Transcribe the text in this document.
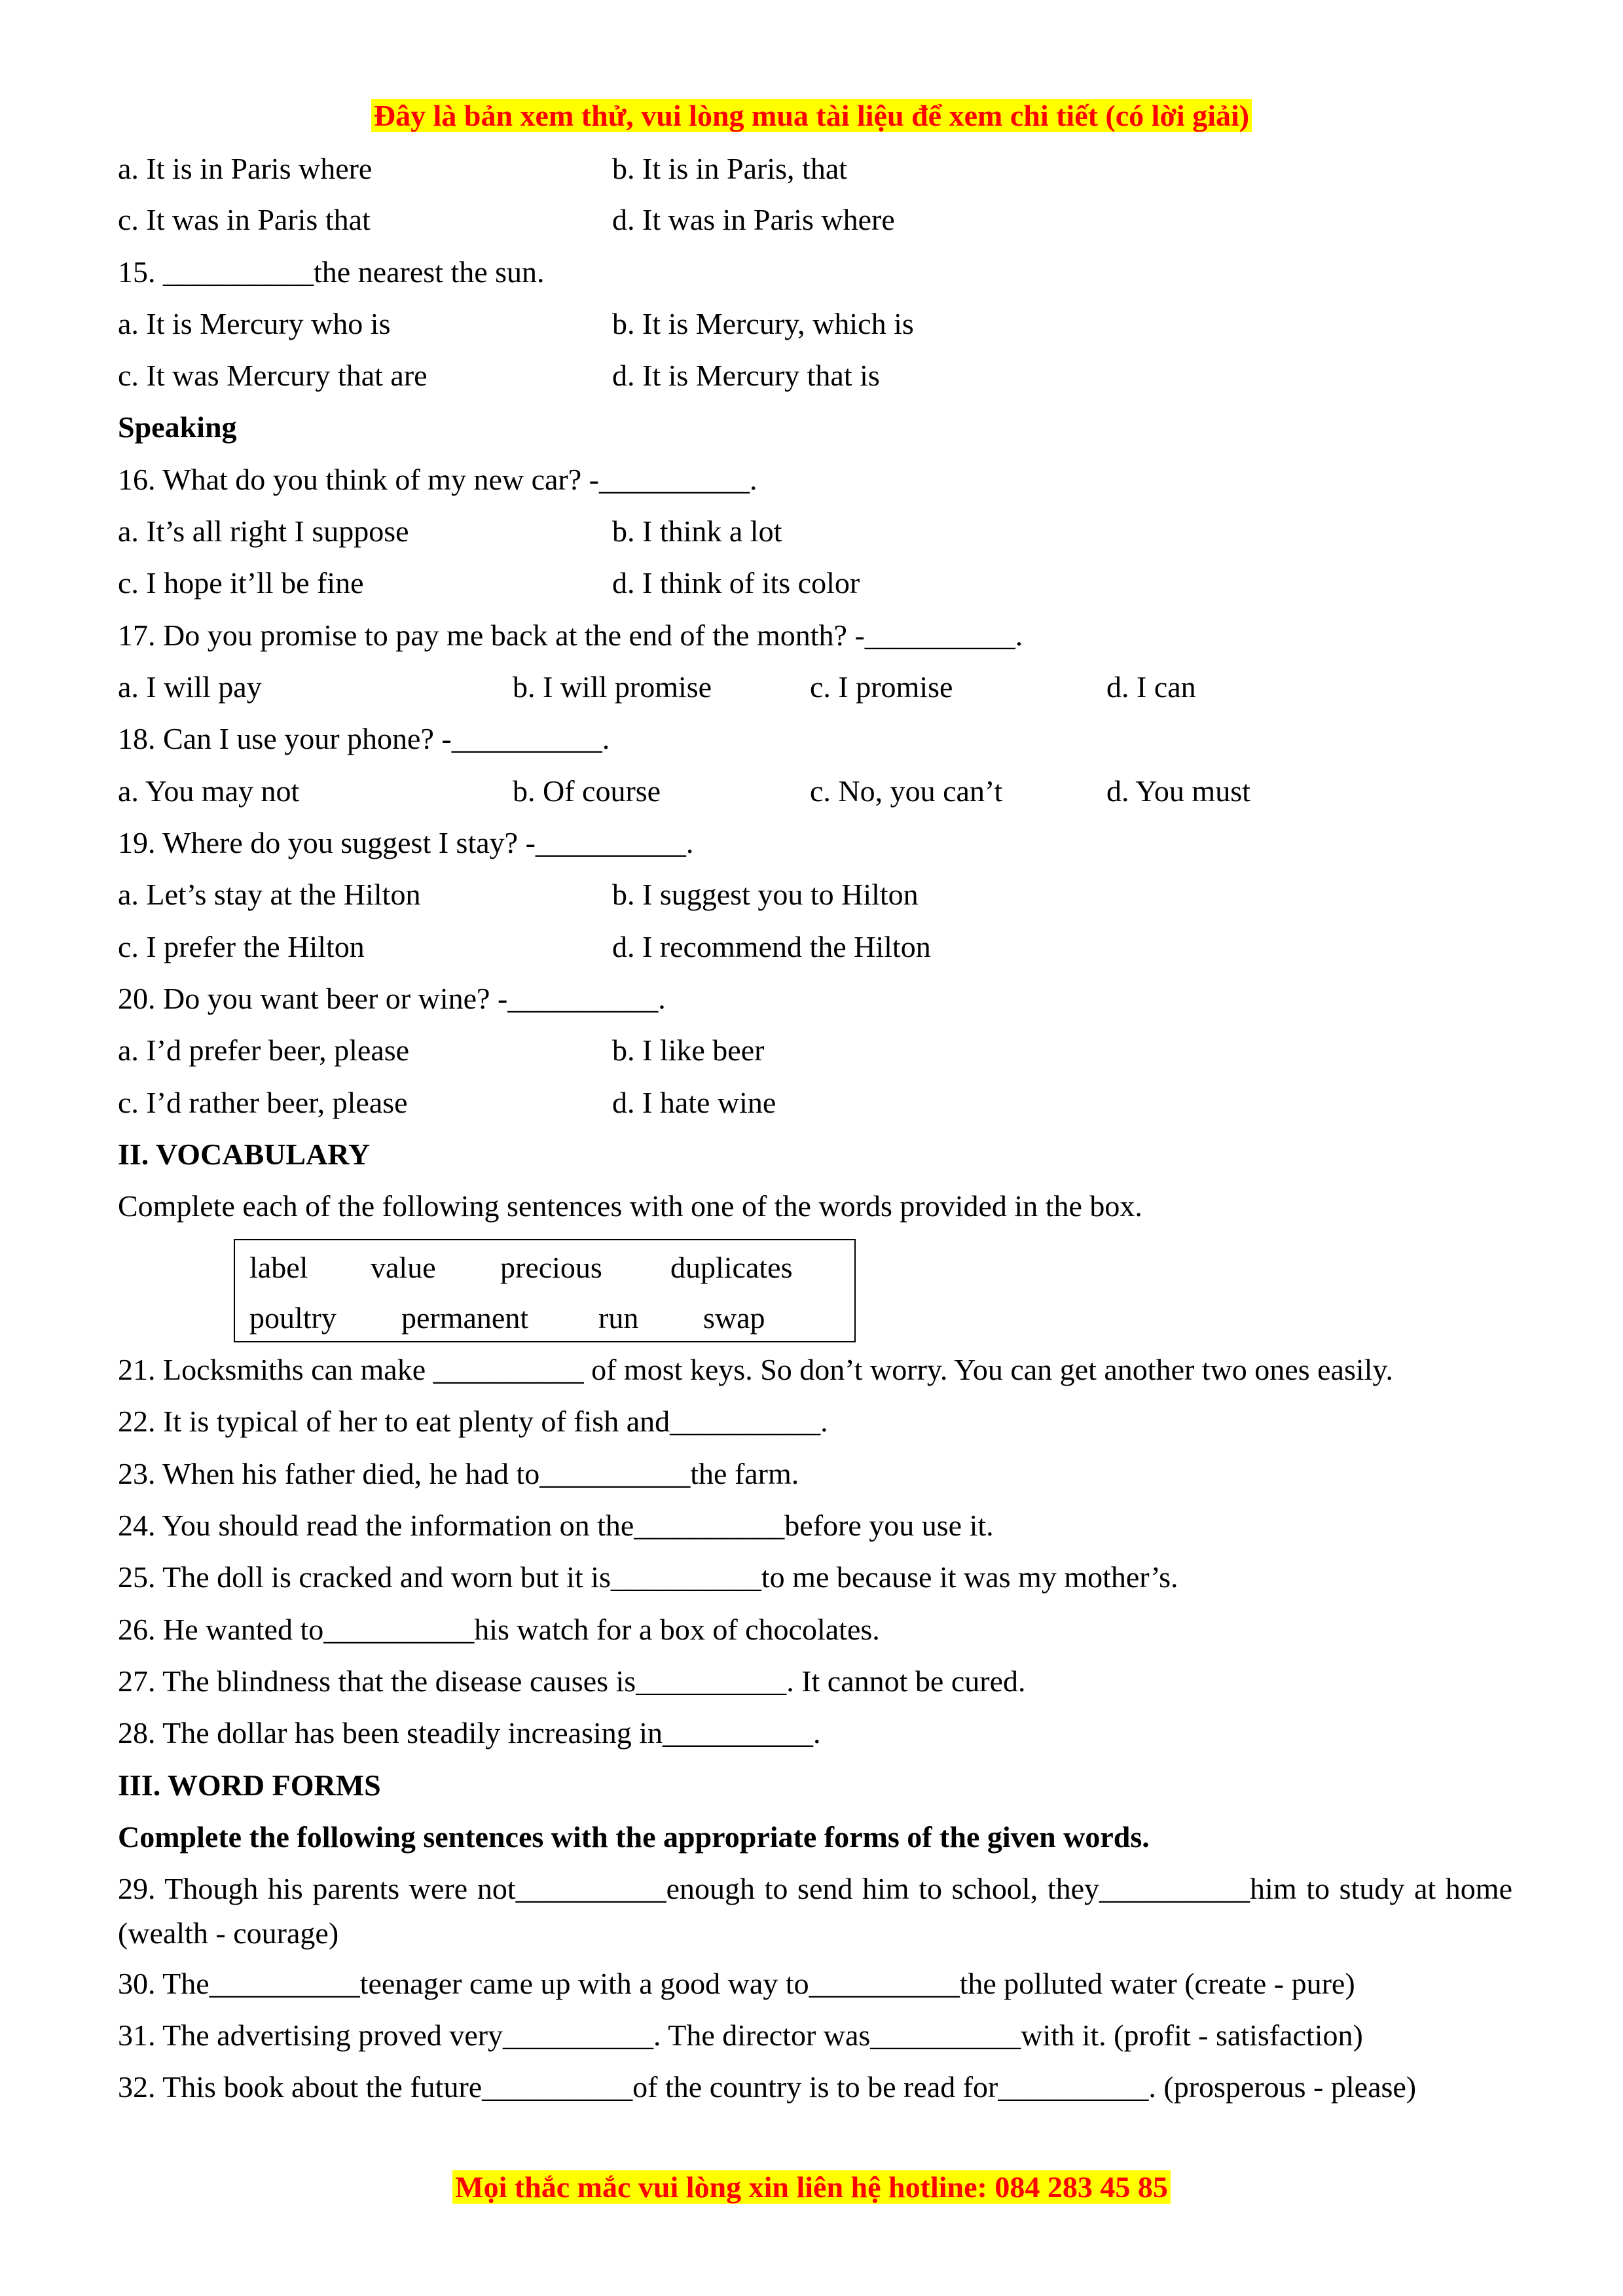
Đây là bản xem thử, vui lòng mua tài liệu để xem chi tiết (có lời giải)
a. It is in Paris where	b. It is in Paris, that
c. It was in Paris that	d. It was in Paris where
15. __________the nearest the sun.
a. It is Mercury who is	b. It is Mercury, which is
c. It was Mercury that are	d. It is Mercury that is
Speaking
16. What do you think of my new car? -__________.
a. It’s all right I suppose	b. I think a lot
c. I hope it’ll be fine	d. I think of its color
17. Do you promise to pay me back at the end of the month? -__________.
a. I will pay	b. I will promise	c. I promise	d. I can
18. Can I use your phone? -__________.
a. You may not	b. Of course	c. No, you can’t	d. You must
19. Where do you suggest I stay? -__________.
a. Let’s stay at the Hilton	b. I suggest you to Hilton
c. I prefer the Hilton	d. I recommend the Hilton
20. Do you want beer or wine? -__________.
a. I’d prefer beer, please	b. I like beer
c. I’d rather beer, please	d. I hate wine
II. VOCABULARY
Complete each of the following sentences with one of the words provided in the box.
label value precious duplicates
poultry permanent run swap
21. Locksmiths can make __________ of most keys. So don’t worry. You can get another two ones easily.
22. It is typical of her to eat plenty of fish and__________.
23. When his father died, he had to__________the farm.
24. You should read the information on the__________before you use it.
25. The doll is cracked and worn but it is__________to me because it was my mother’s.
26. He wanted to__________his watch for a box of chocolates.
27. The blindness that the disease causes is__________. It cannot be cured.
28. The dollar has been steadily increasing in__________.
III. WORD FORMS
Complete the following sentences with the appropriate forms of the given words.
29. Though his parents were not__________enough to send him to school, they__________him to study at home (wealth - courage)
30. The__________teenager came up with a good way to__________the polluted water (create - pure)
31. The advertising proved very__________. The director was__________with it. (profit - satisfaction)
32. This book about the future__________of the country is to be read for__________. (prosperous - please)
Mọi thắc mắc vui lòng xin liên hệ hotline: 084 283 45 85
